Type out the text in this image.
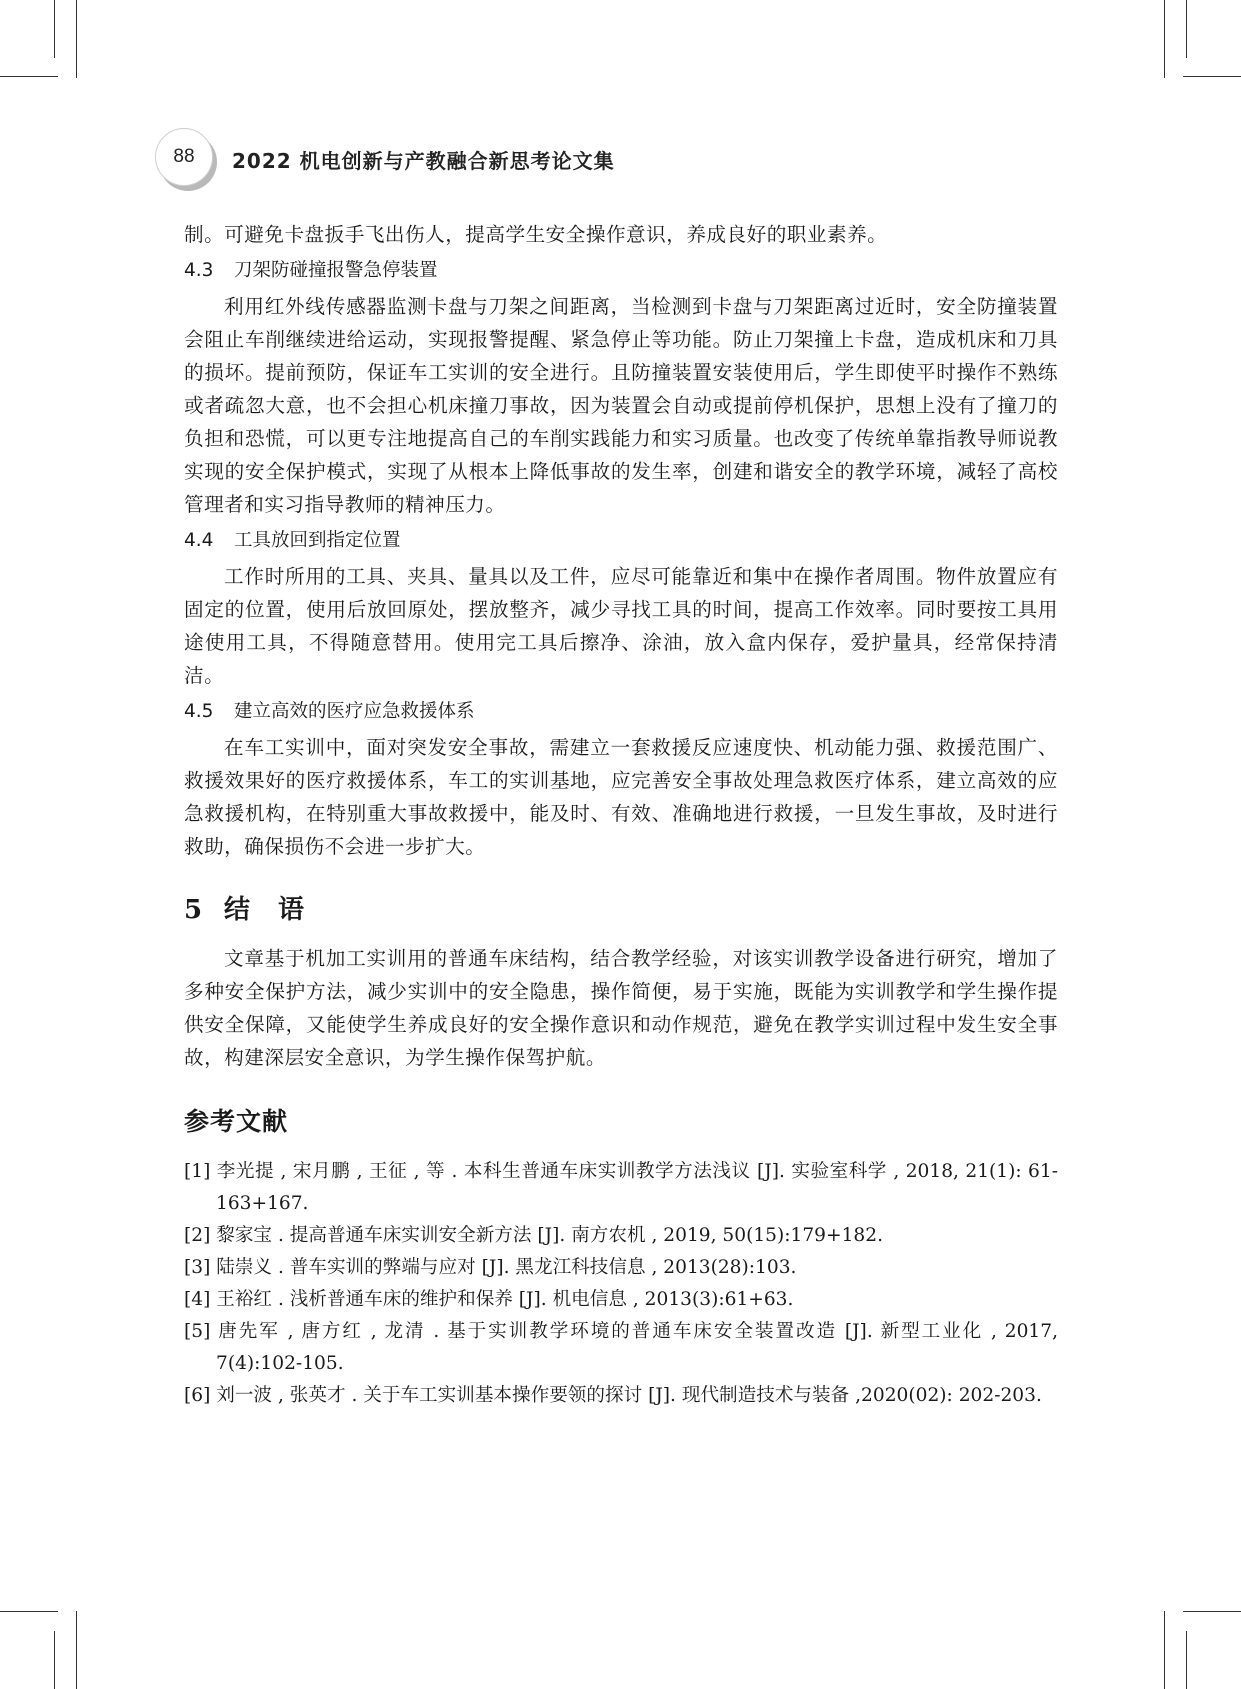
88 2022 机电创新与产教融合新思考论文集

制。可避免卡盘扳手飞出伤人，提高学生安全操作意识，养成良好的职业素养。

4.3 刀架防碰撞报警急停装置

利用红外线传感器监测卡盘与刀架之间距离，当检测到卡盘与刀架距离过近时，安全防撞装置会阻止车削继续进给运动，实现报警提醒、紧急停止等功能。防止刀架撞上卡盘，造成机床和刀具的损坏。提前预防，保证车工实训的安全进行。且防撞装置安装使用后，学生即使平时操作不熟练或者疏忽大意，也不会担心机床撞刀事故，因为装置会自动或提前停机保护，思想上没有了撞刀的负担和恐慌，可以更专注地提高自己的车削实践能力和实习质量。也改变了传统单靠指教导师说教实现的安全保护模式，实现了从根本上降低事故的发生率，创建和谐安全的教学环境，减轻了高校管理者和实习指导教师的精神压力。

4.4 工具放回到指定位置

工作时所用的工具、夹具、量具以及工件，应尽可能靠近和集中在操作者周围。物件放置应有固定的位置，使用后放回原处，摆放整齐，减少寻找工具的时间，提高工作效率。同时要按工具用途使用工具，不得随意替用。使用完工具后擦净、涂油，放入盒内保存，爱护量具，经常保持清洁。

4.5 建立高效的医疗应急救援体系

在车工实训中，面对突发安全事故，需建立一套救援反应速度快、机动能力强、救援范围广、救援效果好的医疗救援体系，车工的实训基地，应完善安全事故处理急救医疗体系，建立高效的应急救援机构，在特别重大事故救援中，能及时、有效、准确地进行救援，一旦发生事故，及时进行救助，确保损伤不会进一步扩大。

5 结　语

文章基于机加工实训用的普通车床结构，结合教学经验，对该实训教学设备进行研究，增加了多种安全保护方法，减少实训中的安全隐患，操作简便，易于实施，既能为实训教学和学生操作提供安全保障，又能使学生养成良好的安全操作意识和动作规范，避免在教学实训过程中发生安全事故，构建深层安全意识，为学生操作保驾护航。

参考文献

[1] 李光提 , 宋月鹏 , 王征 , 等 . 本科生普通车床实训教学方法浅议 [J]. 实验室科学 , 2018, 21(1): 61-163+167.

[2] 黎家宝 . 提高普通车床实训安全新方法 [J]. 南方农机 , 2019, 50(15):179+182.

[3] 陆崇义 . 普车实训的弊端与应对 [J]. 黑龙江科技信息 , 2013(28):103.

[4] 王裕红 . 浅析普通车床的维护和保养 [J]. 机电信息 , 2013(3):61+63.

[5] 唐先军 , 唐方红 , 龙清 . 基于实训教学环境的普通车床安全装置改造 [J]. 新型工业化 , 2017, 7(4):102-105.

[6] 刘一波 , 张英才 . 关于车工实训基本操作要领的探讨 [J]. 现代制造技术与装备 ,2020(02): 202-203.
